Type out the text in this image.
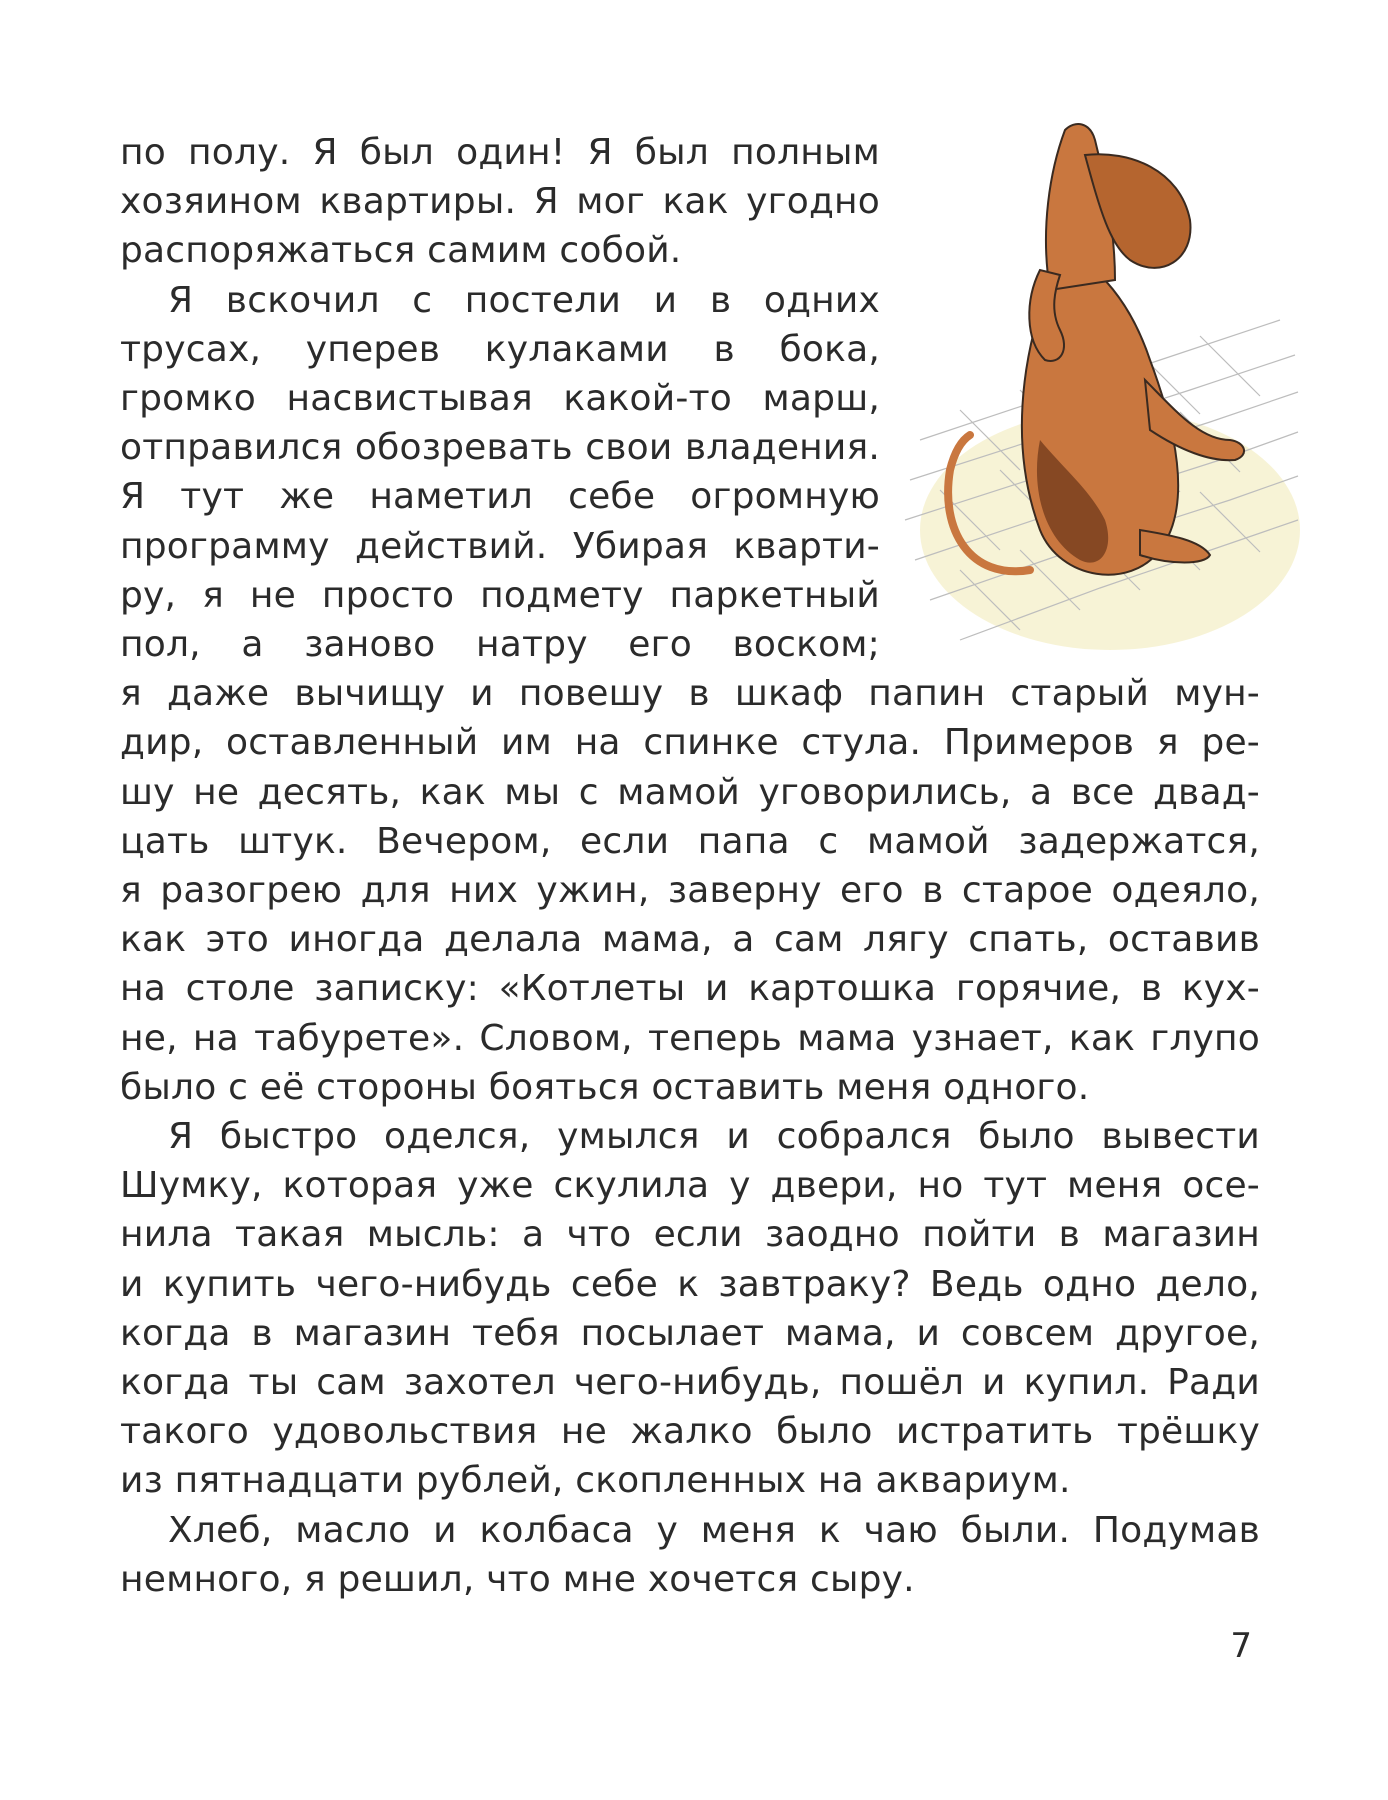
по полу. Я был один! Я был полным
хозяином квартиры. Я мог как угодно
распоряжаться самим собой.
Я вскочил с постели и в одних
трусах, уперев кулаками в бока,
громко насвистывая какой-то марш,
отправился обозревать свои владения.
Я тут же наметил себе огромную
программу действий. Убирая кварти-
ру, я не просто подмету паркетный
пол, а заново натру его воском;
я даже вычищу и повешу в шкаф папин старый мун-
дир, оставленный им на спинке стула. Примеров я ре-
шу не десять, как мы с мамой уговорились, а все двад-
цать штук. Вечером, если папа с мамой задержатся,
я разогрею для них ужин, заверну его в старое одеяло,
как это иногда делала мама, а сам лягу спать, оставив
на столе записку: «Котлеты и картошка горячие, в кух-
не, на табурете». Словом, теперь мама узнает, как глупо
было с её стороны бояться оставить меня одного.
Я быстро оделся, умылся и собрался было вывести
Шумку, которая уже скулила у двери, но тут меня осе-
нила такая мысль: а что если заодно пойти в магазин
и купить чего-нибудь себе к завтраку? Ведь одно дело,
когда в магазин тебя посылает мама, и совсем другое,
когда ты сам захотел чего-нибудь, пошёл и купил. Ради
такого удовольствия не жалко было истратить трёшку
из пятнадцати рублей, скопленных на аквариум.
Хлеб, масло и колбаса у меня к чаю были. Подумав
немного, я решил, что мне хочется сыру.
7
